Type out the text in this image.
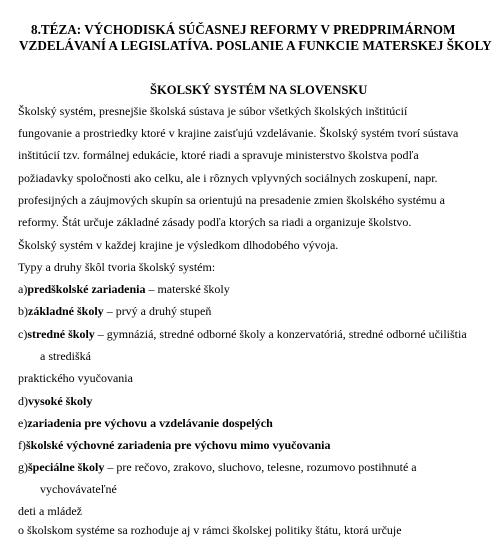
8.TÉZA: VÝCHODISKÁ SÚČASNEJ REFORMY V PREDPRIMÁRNOM
VZDELÁVANÍ A LEGISLATÍVA. POSLANIE A FUNKCIE MATERSKEJ ŠKOLY
ŠKOLSKÝ SYSTÉM NA SLOVENSKU
Školský systém, presnejšie školská sústava je súbor všetkých školských inštitúcií
fungovanie a prostriedky ktoré v krajine zaisťujú vzdelávanie. Školský systém tvorí sústava
inštitúcií tzv. formálnej edukácie, ktoré riadi a spravuje ministerstvo školstva podľa
požiadavky spoločnosti ako celku, ale i rôznych vplyvných sociálnych zoskupení, napr.
profesijných a záujmových skupín sa orientujú na presadenie zmien školského systému a
reformy. Štát určuje základné zásady podľa ktorých sa riadi a organizuje školstvo.
Školský systém v každej krajine je výsledkom dlhodobého vývoja.
Typy a druhy škôl tvoria školský systém:
a)predškolské zariadenia – materské školy
b)základné školy – prvý a druhý stupeň
c)stredné školy – gymnáziá, stredné odborné školy a konzervatóriá, stredné odborné učilištia
a stredišká
praktického vyučovania
d)vysoké školy
e)zariadenia pre výchovu a vzdelávanie dospelých
f)školské výchovné zariadenia pre výchovu mimo vyučovania
g)špeciálne školy – pre rečovo, zrakovo, sluchovo, telesne, rozumovo postihnuté a
vychovávateľné
deti a mládež
o školskom systéme sa rozhoduje aj v rámci školskej politiky štátu, ktorá určuje
